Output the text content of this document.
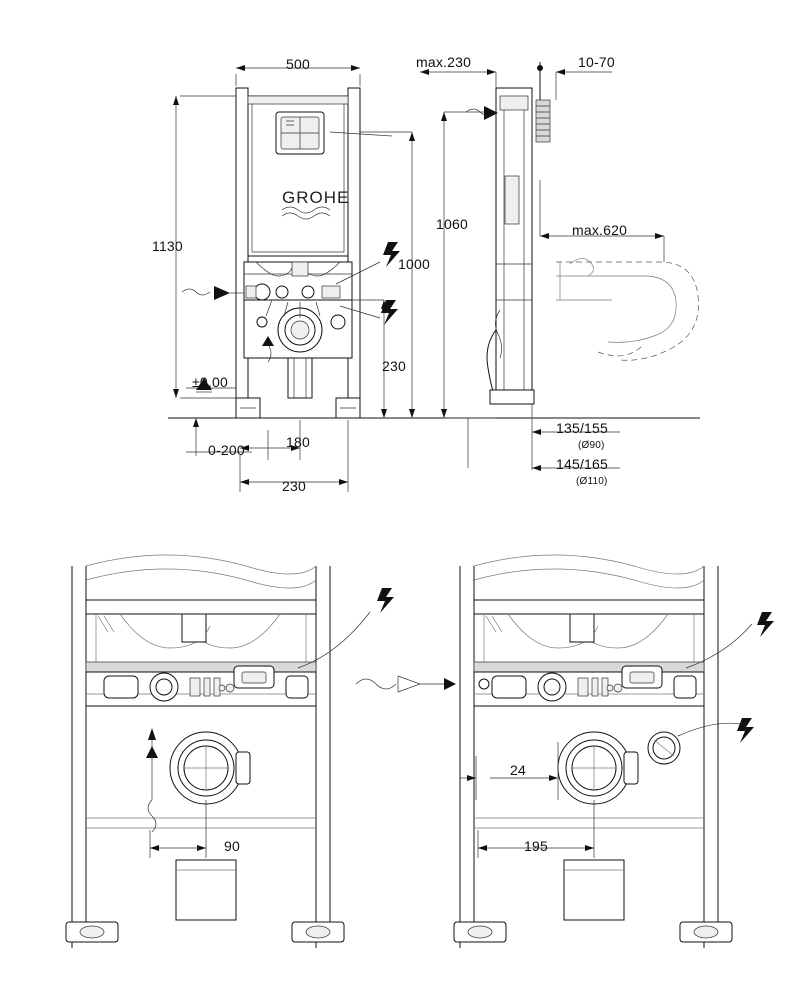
500
1130
1060
1000
230
max.230	10-70
max.620
±0,00
0-200	180
230
135/155
(Ø90)
145/165
(Ø110)
GROHE
90
24
195
